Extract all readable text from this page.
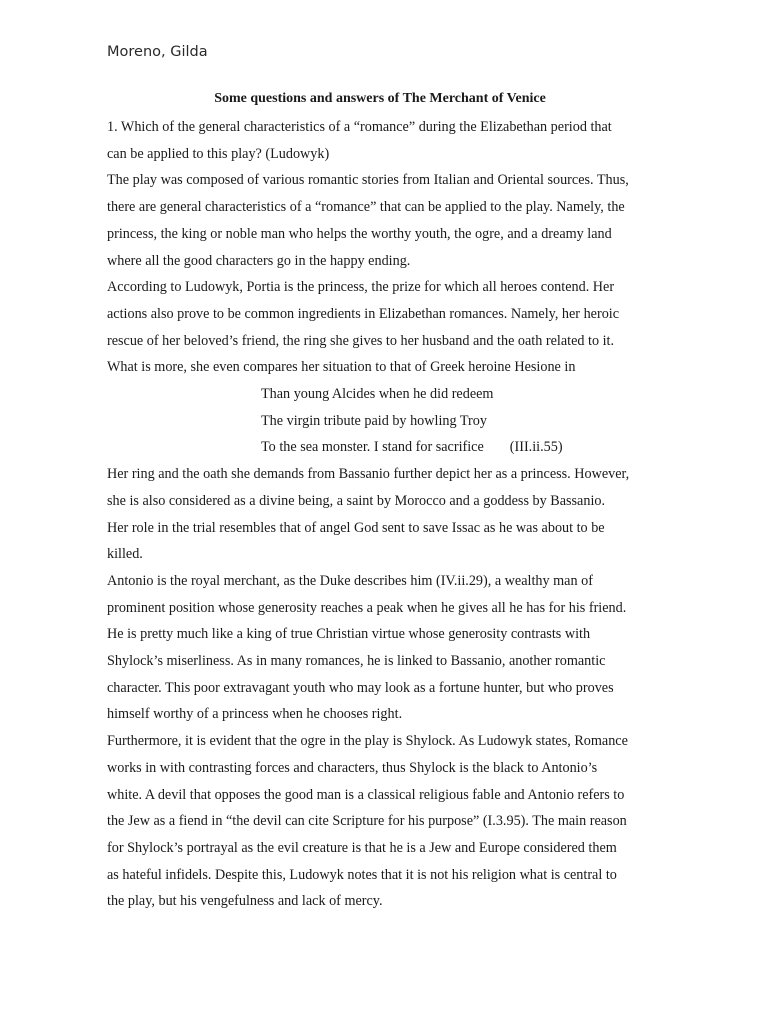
Moreno, Gilda
Some questions and answers of The Merchant of Venice

1. Which of the general characteristics of a “romance” during the Elizabethan period that

can be applied to this play? (Ludowyk)

The play was composed of various romantic stories from Italian and Oriental sources. Thus,

there are general characteristics of a “romance” that can be applied to the play. Namely, the

princess, the king or noble man who helps the worthy youth, the ogre, and a dreamy land

where all the good characters go in the happy ending.

According to Ludowyk, Portia is the princess, the prize for which all heroes contend. Her

actions also prove to be common ingredients in Elizabethan romances. Namely, her heroic

rescue of her beloved’s friend, the ring she gives to her husband and the oath related to it.

What is more, she even compares her situation to that of Greek heroine Hesione in

Than young Alcides when he did redeem

The virgin tribute paid by howling Troy

To the sea monster. I stand for sacrifice (III.ii.55)

Her ring and the oath she demands from Bassanio further depict her as a princess. However,

she is also considered as a divine being, a saint by Morocco and a goddess by Bassanio.

Her role in the trial resembles that of angel God sent to save Issac as he was about to be

killed.

Antonio is the royal merchant, as the Duke describes him (IV.ii.29), a wealthy man of

prominent position whose generosity reaches a peak when he gives all he has for his friend.

He is pretty much like a king of true Christian virtue whose generosity contrasts with

Shylock’s miserliness. As in many romances, he is linked to Bassanio, another romantic

character. This poor extravagant youth who may look as a fortune hunter, but who proves

himself worthy of a princess when he chooses right.

Furthermore, it is evident that the ogre in the play is Shylock. As Ludowyk states, Romance

works in with contrasting forces and characters, thus Shylock is the black to Antonio’s

white. A devil that opposes the good man is a classical religious fable and Antonio refers to

the Jew as a fiend in “the devil can cite Scripture for his purpose” (I.3.95). The main reason

for Shylock’s portrayal as the evil creature is that he is a Jew and Europe considered them

as hateful infidels. Despite this, Ludowyk notes that it is not his religion what is central to

the play, but his vengefulness and lack of mercy.
